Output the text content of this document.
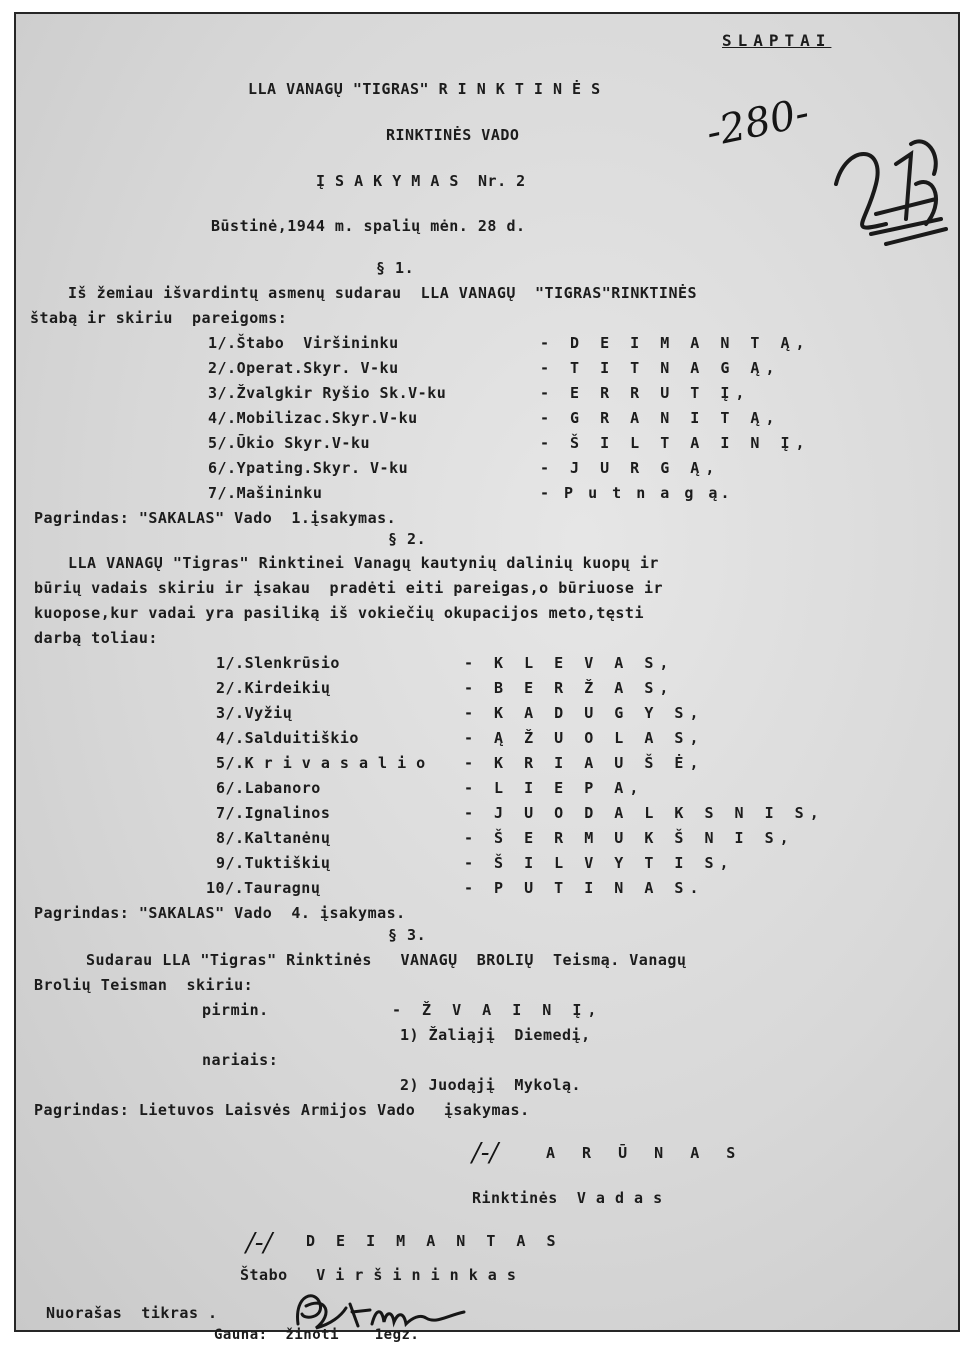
SLAPTAI
LLA VANAGŲ "TIGRAS" R I N K T I N Ė S
RINKTINĖS VADO
Į S A K Y M A S  Nr. 2
Būstinė,1944 m. spalių mėn. 28 d.
-280-
§ 1.
Iš žemiau išvardintų asmenų sudarau  LLA VANAGŲ  "TIGRAS"RINKTINĖS
štabą ir skiriu  pareigoms:
1/.Štabo  Viršininku	- D E I M A N T Ą,
2/.Operat.Skyr. V-ku	- T I T N A G Ą,
3/.Žvalgkir Ryšio Sk.V-ku	- E R R U T Į,
4/.Mobilizac.Skyr.V-ku	- G R A N I T Ą,
5/.Ūkio Skyr.V-ku	- Š I L T A I N Į,
6/.Ypating.Skyr. V-ku	- J U R G Ą,
7/.Mašininku	- P u t n a g ą.
Pagrindas: "SAKALAS" Vado  1.įsakymas.
§ 2.
LLA VANAGŲ "Tigras" Rinktinei Vanagų kautynių dalinių kuopų ir
būrių vadais skiriu ir įsakau  pradėti eiti pareigas,o būriuose ir
kuopose,kur vadai yra pasiliką iš vokiečių okupacijos meto,tęsti
darbą toliau:
1/.Slenkrūsio	- K L E V A S,
2/.Kirdeikių	- B E R Ž A S,
3/.Vyžių	- K A D U G Y S,
4/.Salduitiškio	- Ą Ž U O L A S,
5/.K r i v a s a l i o	- K R I A U Š Ė,
6/.Labanoro	- L I E P A,
7/.Ignalinos	- J U O D A L K S N I S,
8/.Kaltanėnų	- Š E R M U K Š N I S,
9/.Tuktiškių	- Š I L V Y T I S,
10/.Tauragnų	- P U T I N A S.
Pagrindas: "SAKALAS" Vado  4. įsakymas.
§ 3.
Sudarau LLA "Tigras" Rinktinės   VANAGŲ  BROLIŲ  Teismą. Vanagų
Brolių Teisman  skiriu:
pirmin.	- Ž V A I N Į,
1) Žaliąjį  Diemedį,
nariais:
2) Juodąjį  Mykolą.
Pagrindas: Lietuvos Laisvės Armijos Vado   įsakymas.
/-/	A R Ū N A S
Rinktinės  V a d a s
/-/ D E I M A N T A S
Štabo   V i r š i n i n k a s
Nuorašas  tikras .
Gauna:  žinoti    1egz.
